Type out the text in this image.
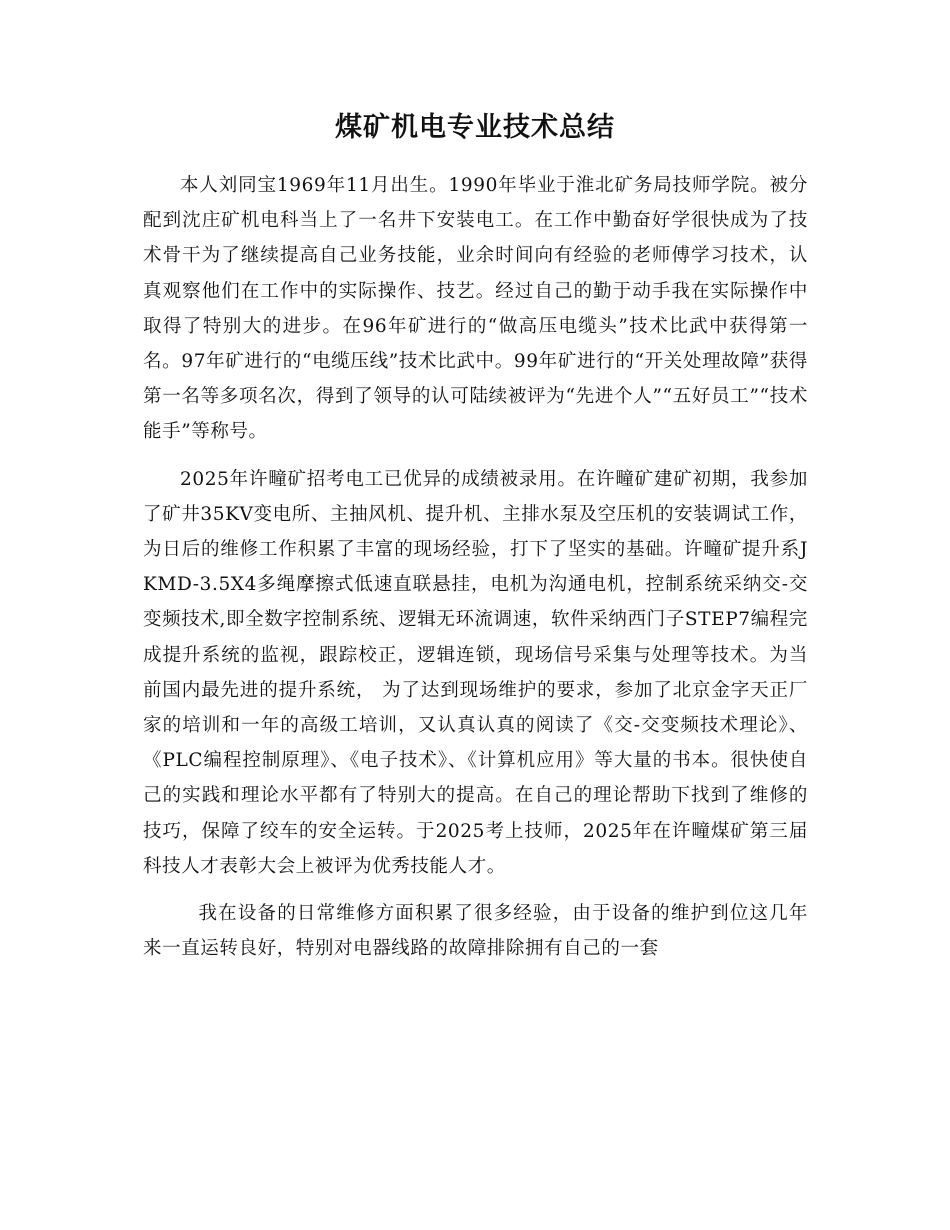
煤矿机电专业技术总结

本人刘同宝1969年11月出生。1990年毕业于淮北矿务局技师学院。被分配到沈庄矿机电科当上了一名井下安装电工。在工作中勤奋好学很快成为了技术骨干为了继续提高自己业务技能，业余时间向有经验的老师傅学习技术，认真观察他们在工作中的实际操作、技艺。经过自己的勤于动手我在实际操作中取得了特别大的进步。在96年矿进行的“做高压电缆头”技术比武中获得第一名。97年矿进行的“电缆压线”技术比武中。99年矿进行的“开关处理故障”获得第一名等多项名次，得到了领导的认可陆续被评为“先进个人”“五好员工”“技术能手”等称号。

2025年许疃矿招考电工已优异的成绩被录用。在许疃矿建矿初期，我参加了矿井35KV变电所、主抽风机、提升机、主排水泵及空压机的安装调试工作，为日后的维修工作积累了丰富的现场经验，打下了坚实的基础。许疃矿提升系JKMD-3.5X4多绳摩擦式低速直联悬挂，电机为沟通电机，控制系统采纳交-交变频技术,即全数字控制系统、逻辑无环流调速，软件采纳西门子STEP7编程完成提升系统的监视，跟踪校正，逻辑连锁，现场信号采集与处理等技术。为当前国内最先进的提升系统， 为了达到现场维护的要求，参加了北京金字天正厂家的培训和一年的高级工培训，又认真认真的阅读了《交-交变频技术理论》、《PLC编程控制原理》、《电子技术》、《计算机应用》等大量的书本。很快使自己的实践和理论水平都有了特别大的提高。在自己的理论帮助下找到了维修的技巧，保障了绞车的安全运转。于2025考上技师，2025年在许疃煤矿第三届科技人才表彰大会上被评为优秀技能人才。

我在设备的日常维修方面积累了很多经验，由于设备的维护到位这几年来一直运转良好，特别对电器线路的故障排除拥有自己的一套
